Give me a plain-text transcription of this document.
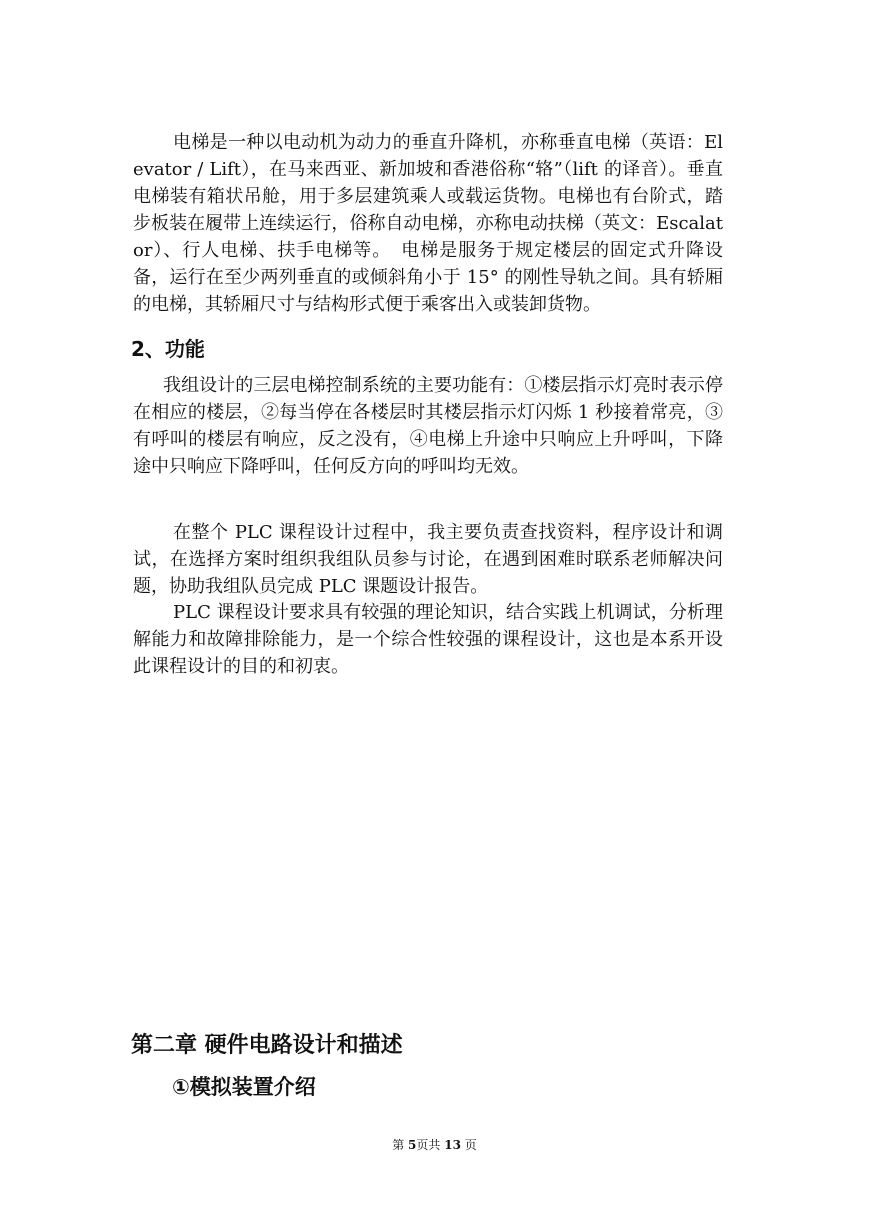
电梯是一种以电动机为动力的垂直升降机，亦称垂直电梯（英语：Elevator / Lift），在马来西亚、新加坡和香港俗称“辂”（lift 的译音）。垂直电梯装有箱状吊舱，用于多层建筑乘人或载运货物。电梯也有台阶式，踏步板装在履带上连续运行，俗称自动电梯，亦称电动扶梯（英文：Escalator）、行人电梯、扶手电梯等。　电梯是服务于规定楼层的固定式升降设备，运行在至少两列垂直的或倾斜角小于 15° 的刚性导轨之间。具有轿厢的电梯，其轿厢尺寸与结构形式便于乘客出入或装卸货物。

2、功能

我组设计的三层电梯控制系统的主要功能有：①楼层指示灯亮时表示停在相应的楼层，②每当停在各楼层时其楼层指示灯闪烁 1 秒接着常亮，③有呼叫的楼层有响应，反之没有，④电梯上升途中只响应上升呼叫，下降途中只响应下降呼叫，任何反方向的呼叫均无效。

在整个 PLC 课程设计过程中，我主要负责查找资料，程序设计和调试，在选择方案时组织我组队员参与讨论，在遇到困难时联系老师解决问题，协助我组队员完成 PLC 课题设计报告。

PLC 课程设计要求具有较强的理论知识，结合实践上机调试，分析理解能力和故障排除能力，是一个综合性较强的课程设计，这也是本系开设此课程设计的目的和初衷。

第二章 硬件电路设计和描述
①模拟装置介绍
第 5页共 13 页
